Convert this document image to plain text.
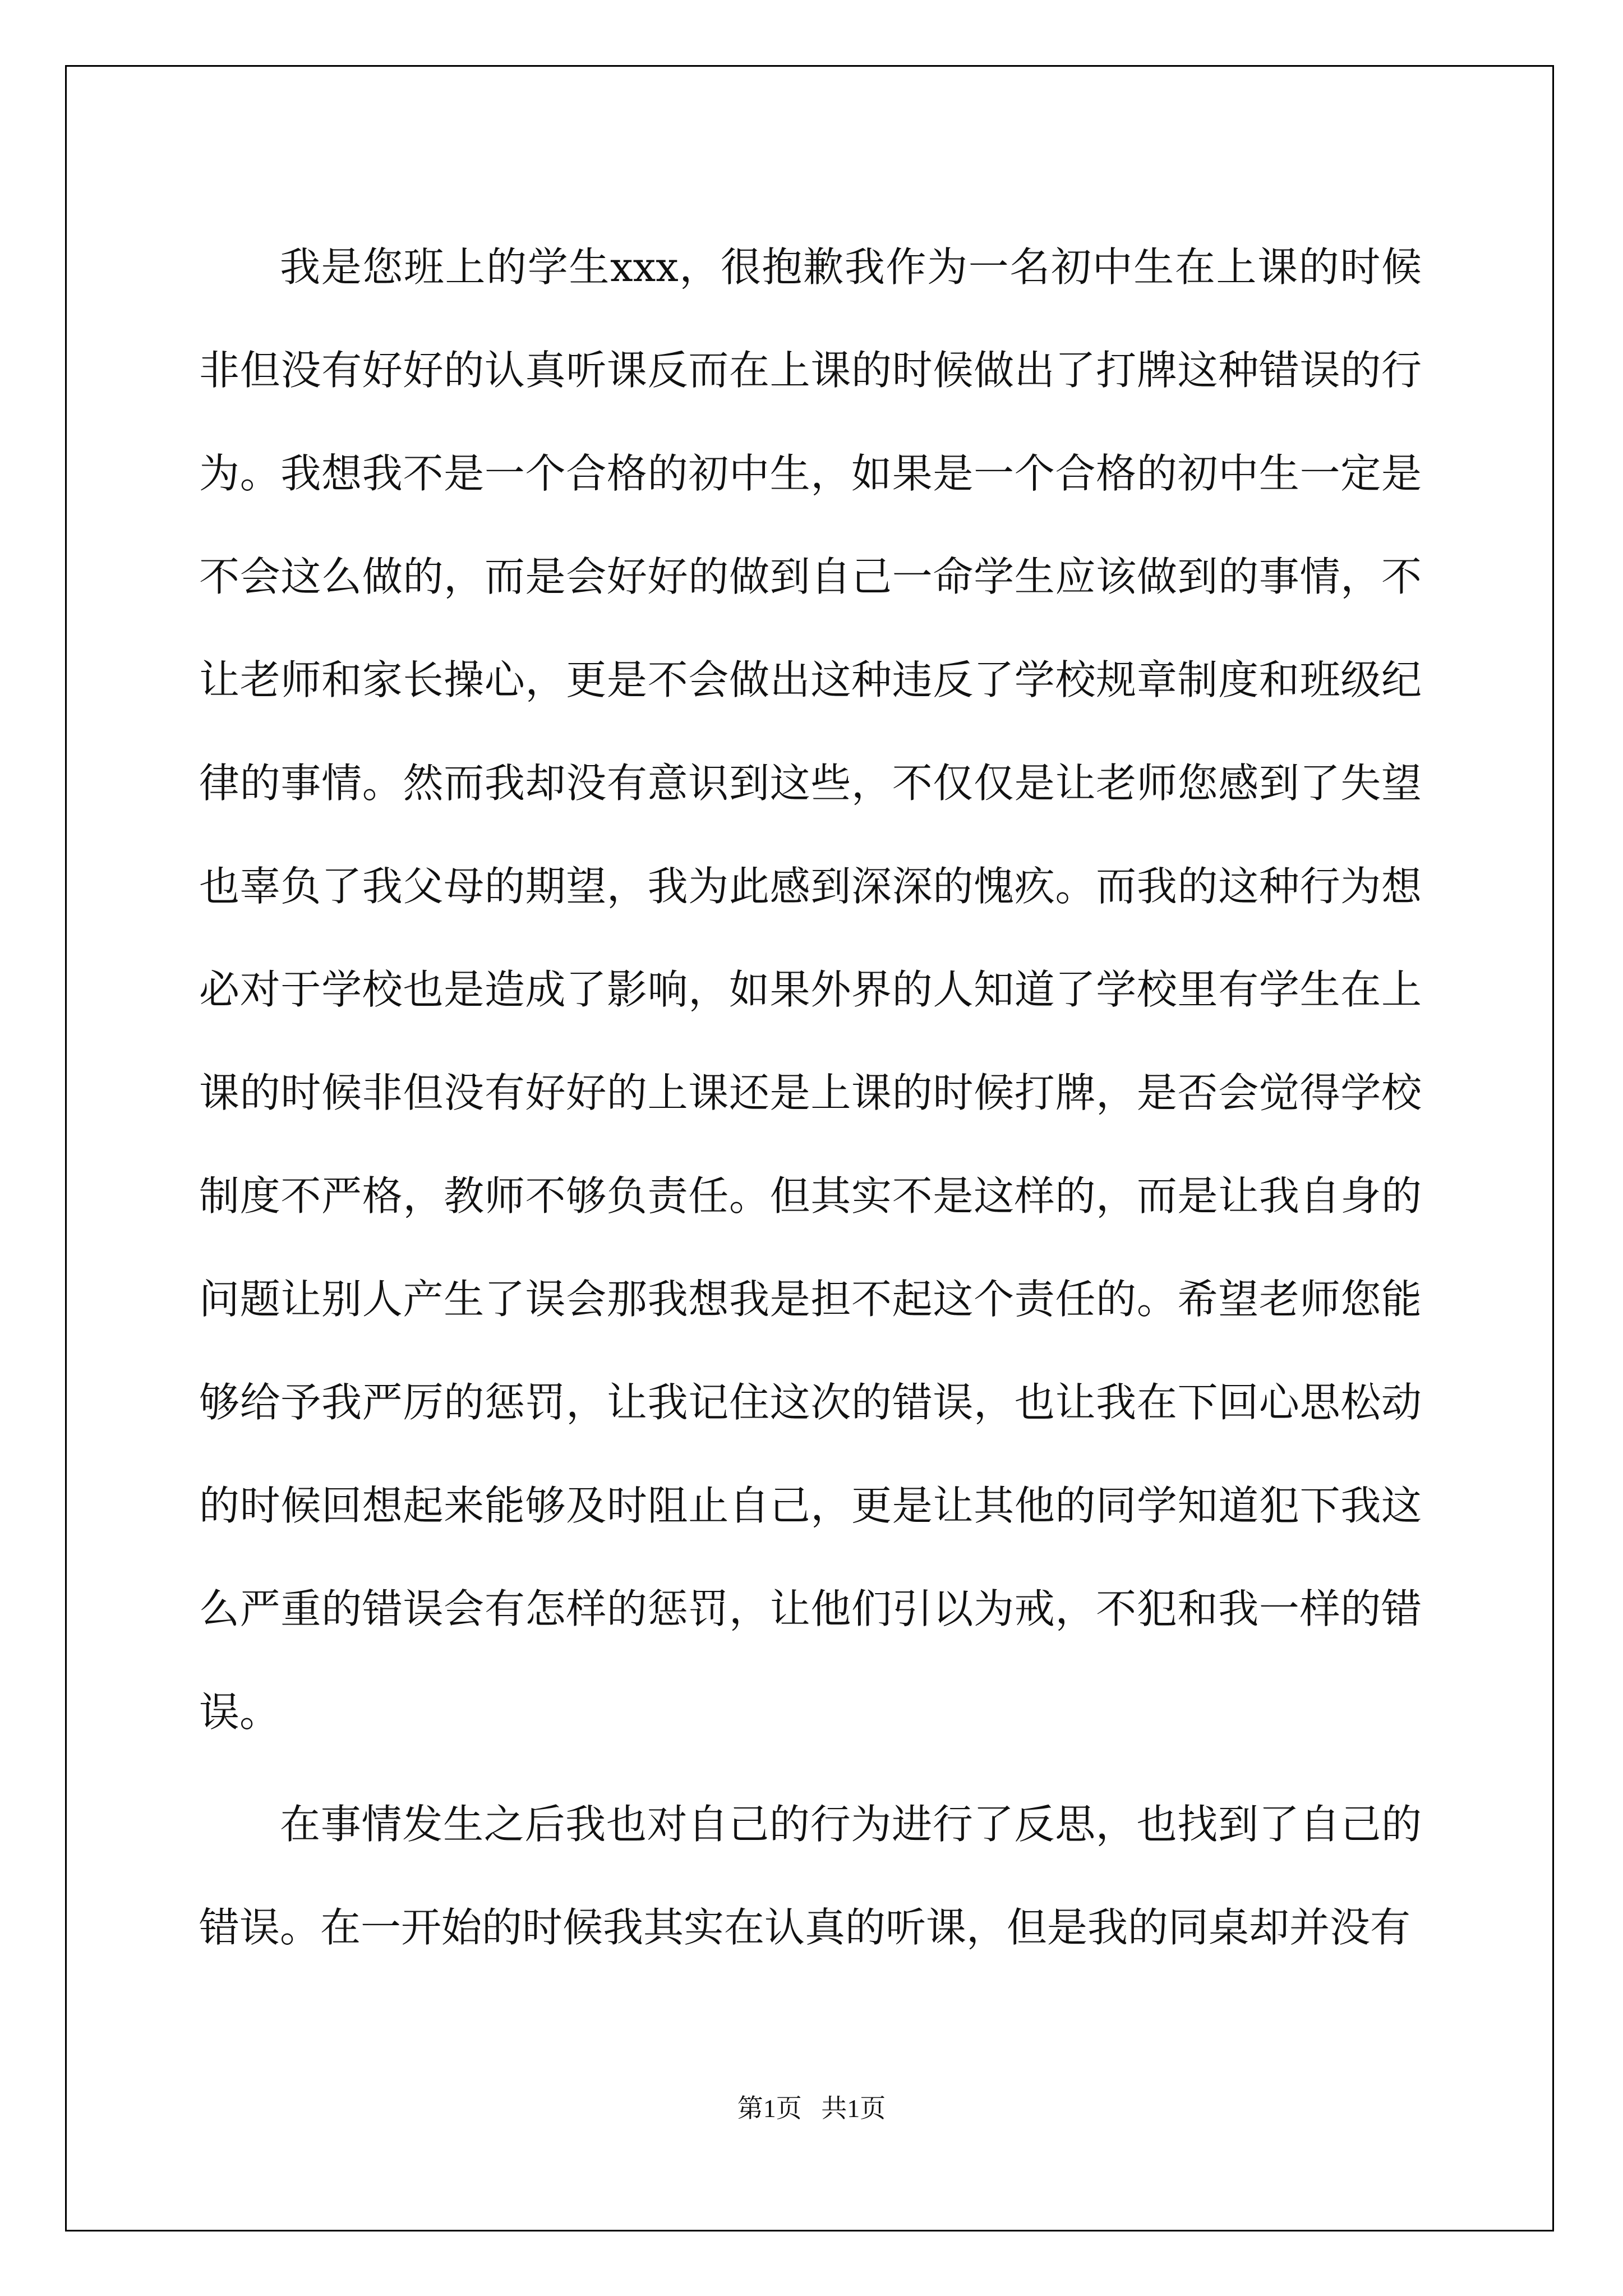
我是您班上的学生xxx，很抱歉我作为一名初中生在上课的时候非但没有好好的认真听课反而在上课的时候做出了打牌这种错误的行为。我想我不是一个合格的初中生，如果是一个合格的初中生一定是不会这么做的，而是会好好的做到自己一命学生应该做到的事情，不让老师和家长操心，更是不会做出这种违反了学校规章制度和班级纪律的事情。然而我却没有意识到这些，不仅仅是让老师您感到了失望也辜负了我父母的期望，我为此感到深深的愧疚。而我的这种行为想必对于学校也是造成了影响，如果外界的人知道了学校里有学生在上课的时候非但没有好好的上课还是上课的时候打牌，是否会觉得学校制度不严格，教师不够负责任。但其实不是这样的，而是让我自身的问题让别人产生了误会那我想我是担不起这个责任的。希望老师您能够给予我严厉的惩罚，让我记住这次的错误，也让我在下回心思松动的时候回想起来能够及时阻止自己，更是让其他的同学知道犯下我这么严重的错误会有怎样的惩罚，让他们引以为戒，不犯和我一样的错误。

在事情发生之后我也对自己的行为进行了反思，也找到了自己的错误。在一开始的时候我其实在认真的听课，但是我的同桌却并没有

第1页   共1页
